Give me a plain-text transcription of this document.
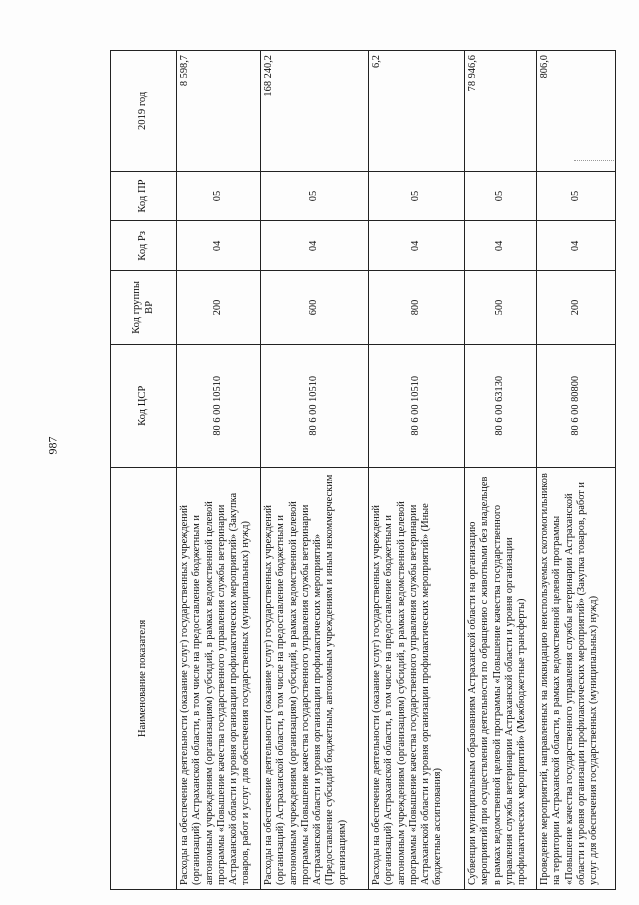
987
Наименование показателя	Код ЦСР	Код группы ВР	Код Рз	Код ПР	2019 год
Расходы на обеспечение деятельности (оказание услуг) государственных учреждений (организаций) Астраханской области, в том числе на предоставление бюджетным и автономным учреждениям (организациям) субсидий, в рамках ведомственной целевой программы «Повышение качества государственного управления службы ветеринарии Астраханской области и уровня организации профилактических мероприятий» (Закупка товаров, работ и услуг для обеспечения государственных (муниципальных) нужд)	80 6 00 10510	200	04	05	8 598,7
Расходы на обеспечение деятельности (оказание услуг) государственных учреждений (организаций) Астраханской области, в том числе на предоставление бюджетным и автономным учреждениям (организациям) субсидий, в рамках ведомственной целевой программы «Повышение качества государственного управления службы ветеринарии Астраханской области и уровня организации профилактических мероприятий» (Предоставление субсидий бюджетным, автономным учреждениям и иным некоммерческим организациям)	80 6 00 10510	600	04	05	168 240,2
Расходы на обеспечение деятельности (оказание услуг) государственных учреждений (организаций) Астраханской области, в том числе на предоставление бюджетным и автономным учреждениям (организациям) субсидий, в рамках ведомственной целевой программы «Повышение качества государственного управления службы ветеринарии Астраханской области и уровня организации профилактических мероприятий» (Иные бюджетные ассигнования)	80 6 00 10510	800	04	05	6,2
Субвенции муниципальным образованиям Астраханской области на организацию мероприятий при осуществлении деятельности по обращению с животными без владельцев в рамках ведомственной целевой программы «Повышение качества государственного управления службы ветеринарии Астраханской области и уровня организации профилактических мероприятий» (Межбюджетные трансферты)	80 6 00 63130	500	04	05	78 946,6
Проведение мероприятий, направленных на ликвидацию неиспользуемых скотомогильников на территории Астраханской области, в рамках ведомственной целевой программы «Повышение качества государственного управления службы ветеринарии Астраханской области и уровня организации профилактических мероприятий» (Закупка товаров, работ и услуг для обеспечения государственных (муниципальных) нужд)	80 6 00 80800	200	04	05	806,0
